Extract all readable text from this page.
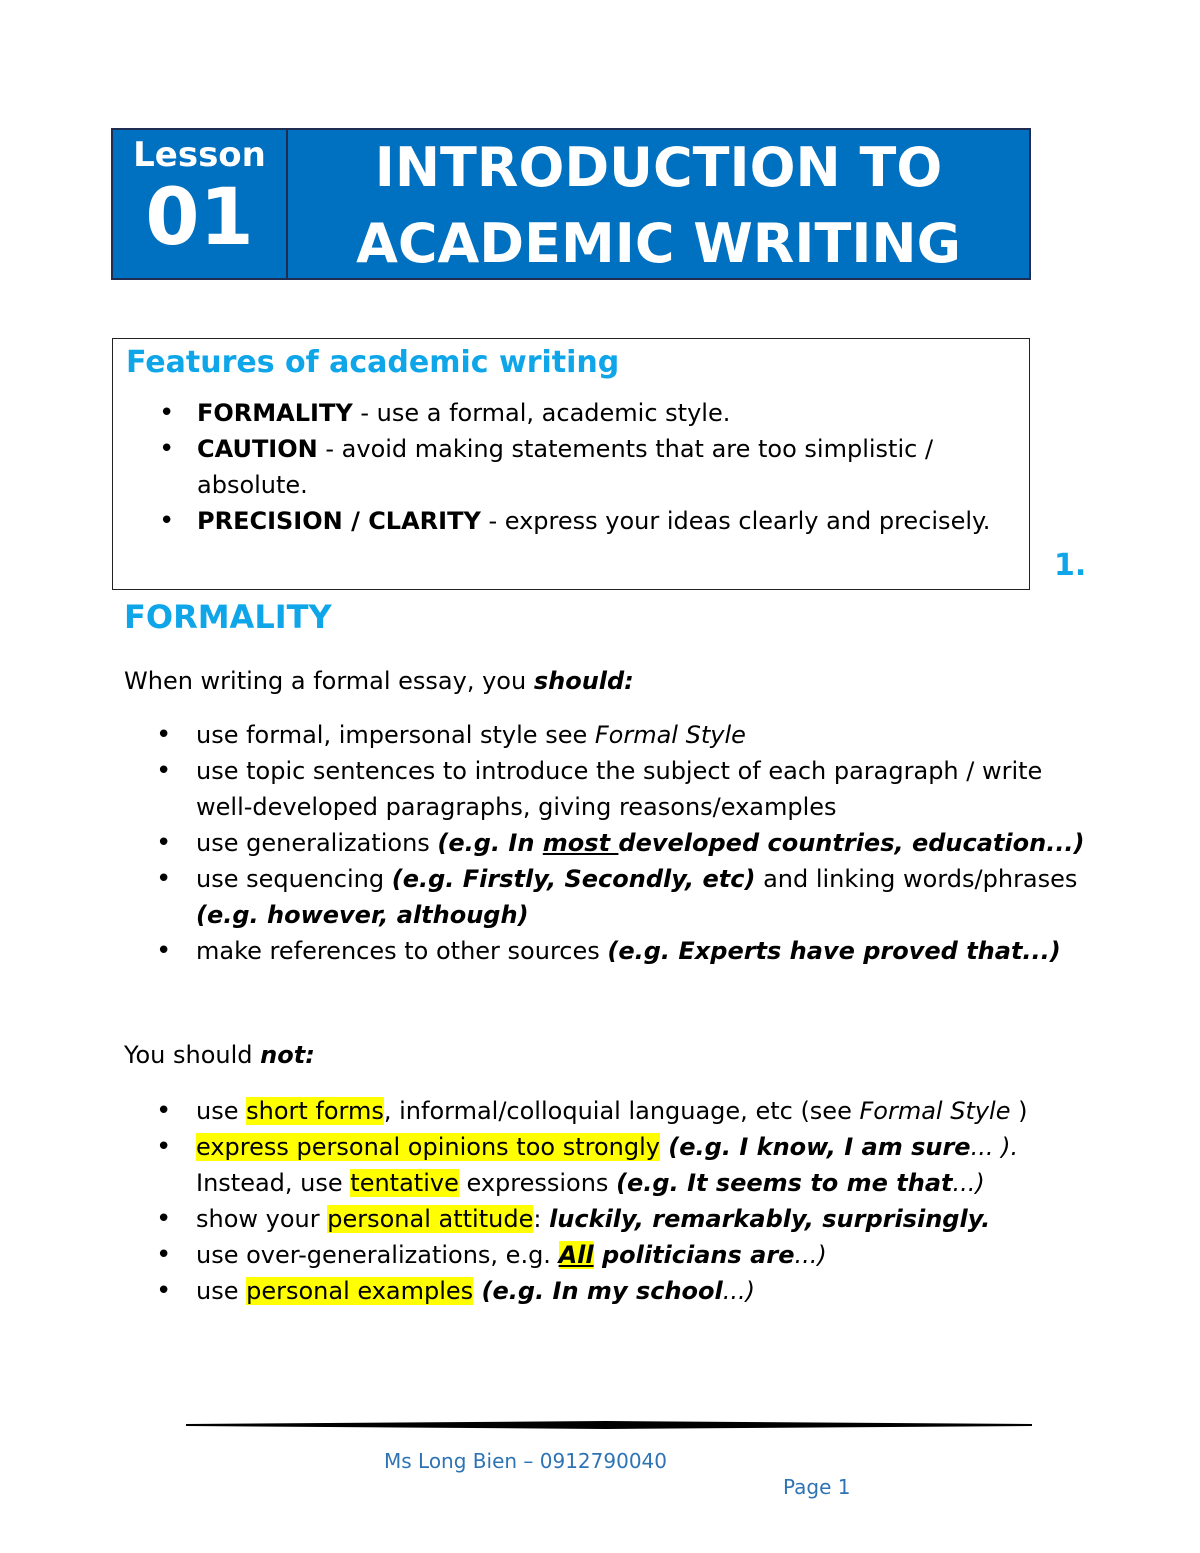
Lesson
01
INTRODUCTION TO
ACADEMIC WRITING
Features of academic writing
• FORMALITY - use a formal, academic style.
• CAUTION - avoid making statements that are too simplistic / absolute.
• PRECISION / CLARITY - express your ideas clearly and precisely.
1.
FORMALITY
When writing a formal essay, you should:
• use formal, impersonal style see Formal Style
• use topic sentences to introduce the subject of each paragraph / write well-developed paragraphs, giving reasons/examples
• use generalizations (e.g. In most developed countries, education...)
• use sequencing (e.g. Firstly, Secondly, etc) and linking words/phrases (e.g. however, although)
• make references to other sources (e.g. Experts have proved that...)
You should not:
• use short forms, informal/colloquial language, etc (see Formal Style )
• express personal opinions too strongly (e.g. I know, I am sure... ). Instead, use tentative expressions (e.g. It seems to me that...)
• show your personal attitude: luckily, remarkably, surprisingly.
• use over-generalizations, e.g. All politicians are...)
• use personal examples (e.g. In my school...)
Ms Long Bien – 0912790040
Page 1
